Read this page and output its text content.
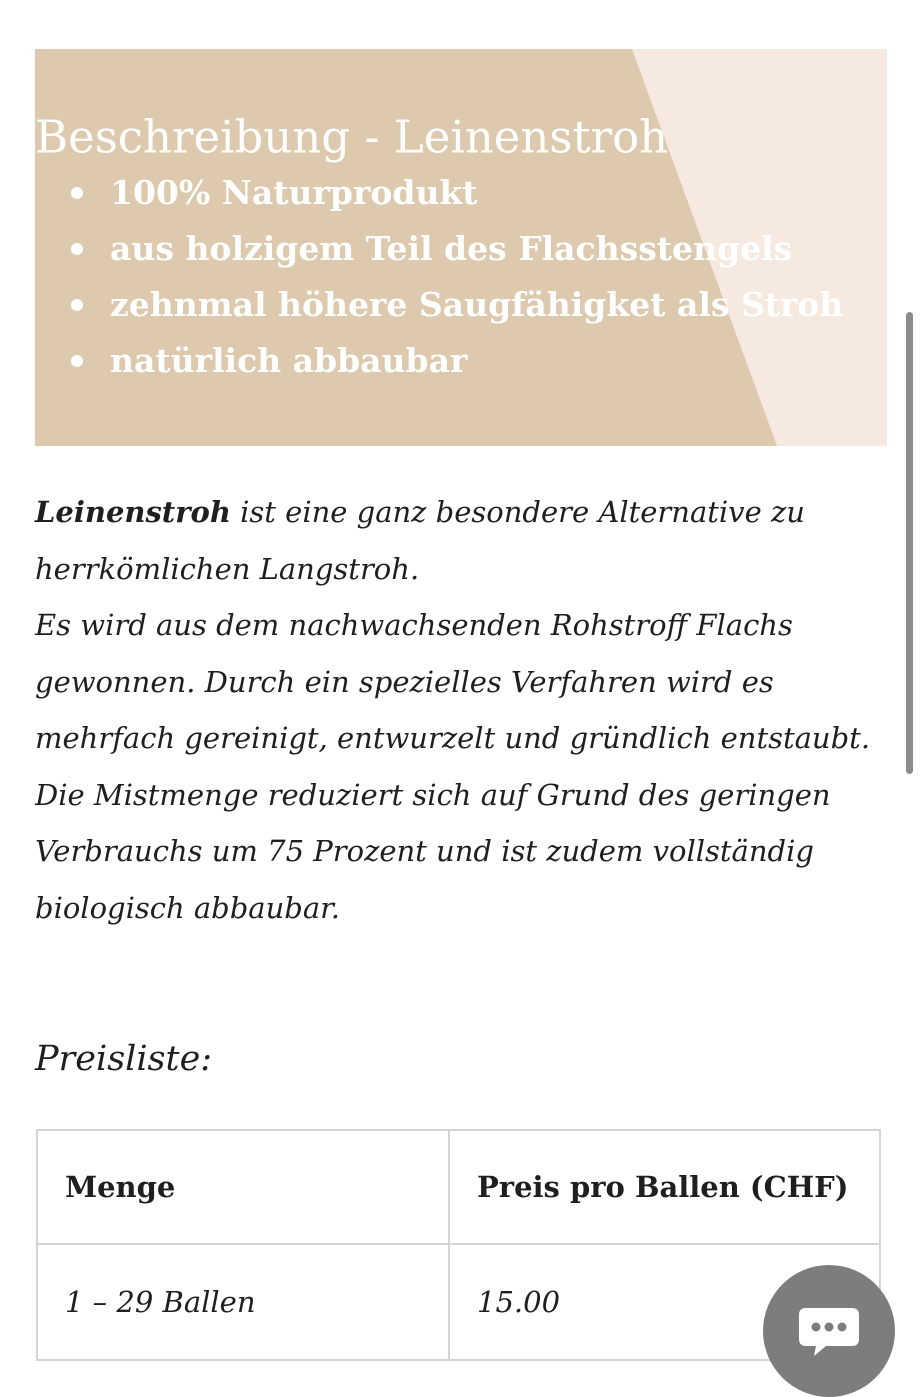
Beschreibung - Leinenstroh
100% Naturprodukt
aus holzigem Teil des Flachsstengels
zehnmal höhere Saugfähigket als Stroh
natürlich abbaubar

Leinenstroh ist eine ganz besondere Alternative zu herrkömlichen Langstroh.

Es wird aus dem nachwachsenden Rohstroff Flachs gewonnen. Durch ein spezielles Verfahren wird es mehrfach gereinigt, entwurzelt und gründlich entstaubt.

Die Mistmenge reduziert sich auf Grund des geringen Verbrauchs um 75 Prozent und ist zudem vollständig biologisch abbaubar.

Preisliste:
Menge	Preis pro Ballen (CHF)
1 – 29 Ballen	15.00
